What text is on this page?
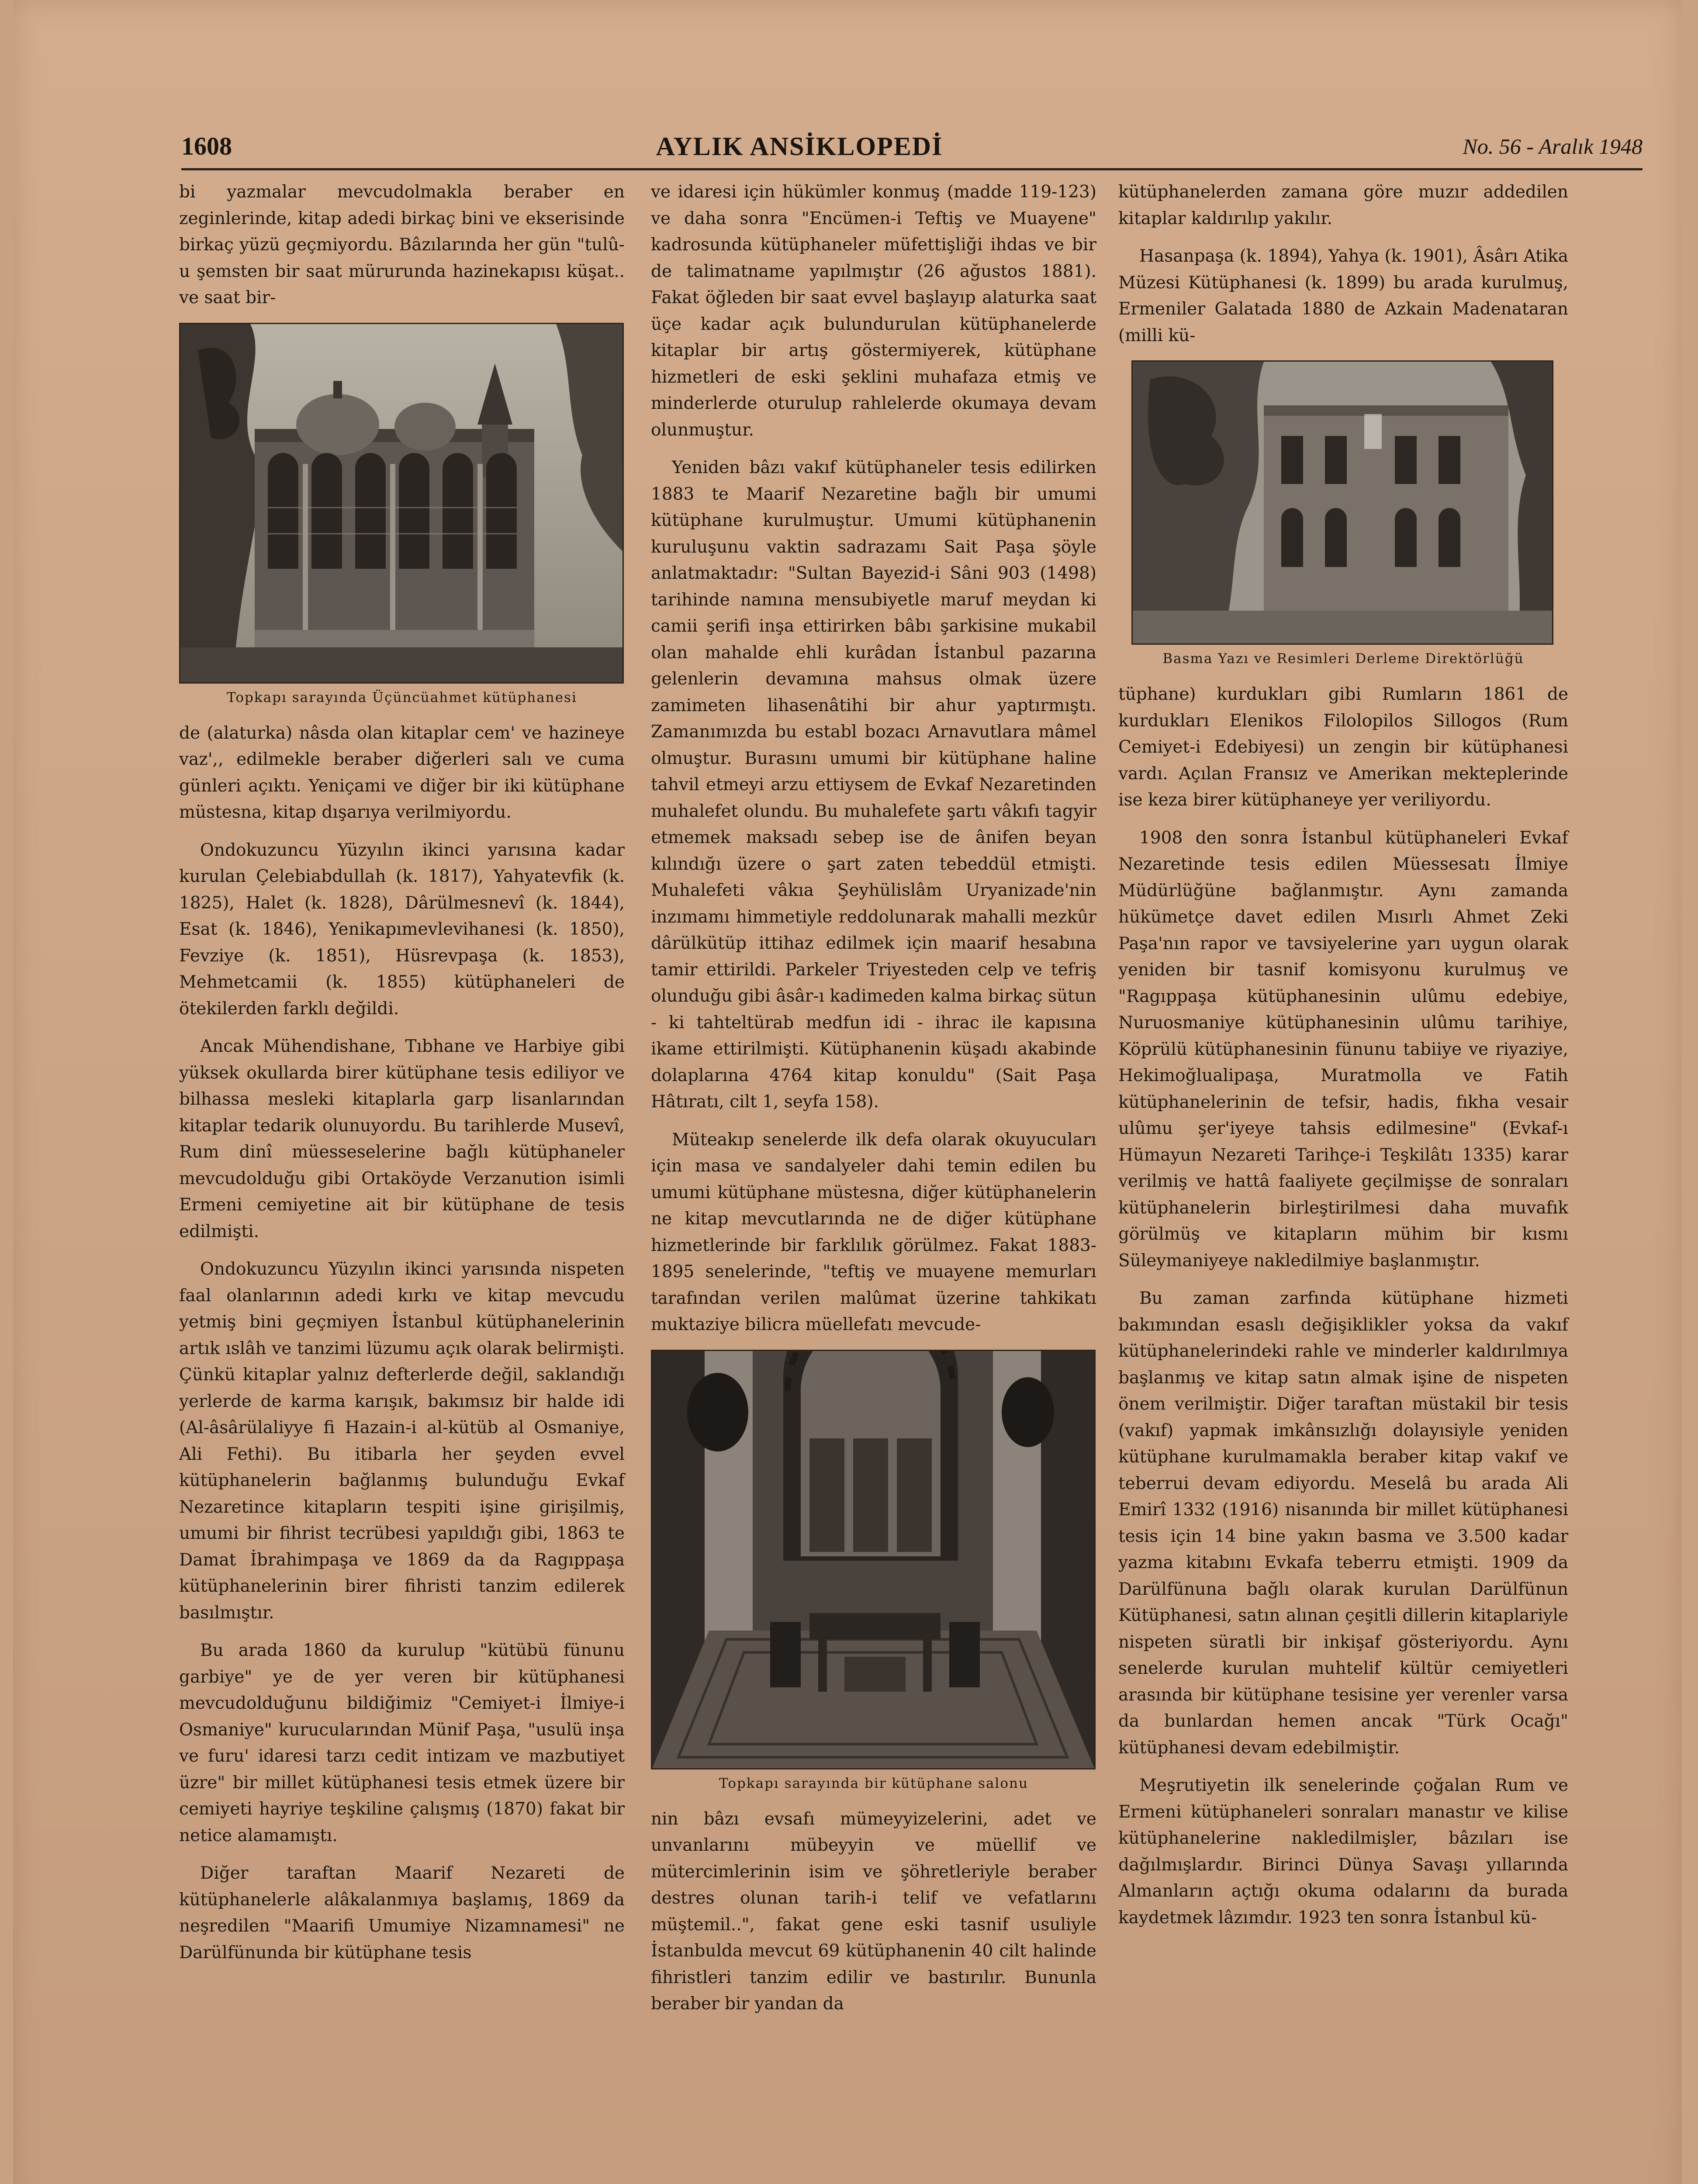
1608	AYLIK ANSİKLOPEDİ	No. 56 - Aralık 1948

bi yazmalar mevcudolmakla beraber en zeginlerinde, kitap adedi birkaç bini ve ekserisinde birkaç yüzü geçmiyordu. Bâzılarında her gün "tulû-u şemsten bir saat mürurunda hazinekapısı küşat.. ve saat bir-

Topkapı sarayında Üçüncüahmet kütüphanesi

de (alaturka) nâsda olan kitaplar cem' ve hazineye vaz',, edilmekle beraber diğerleri salı ve cuma günleri açıktı. Yeniçami ve diğer bir iki kütüphane müstesna, kitap dışarıya verilmiyordu.

Ondokuzuncu Yüzyılın ikinci yarısına kadar kurulan Çelebiabdullah (k. 1817), Yahyatevfik (k. 1825), Halet (k. 1828), Dârülmesnevî (k. 1844), Esat (k. 1846), Yenikapımevlevihanesi (k. 1850), Fevziye (k. 1851), Hüsrevpaşa (k. 1853), Mehmetcamii (k. 1855) kütüphaneleri de ötekilerden farklı değildi.

Ancak Mühendishane, Tıbhane ve Harbiye gibi yüksek okullarda birer kütüphane tesis ediliyor ve bilhassa mesleki kitaplarla garp lisanlarından kitaplar tedarik olunuyordu. Bu tarihlerde Musevî, Rum dinî müesseselerine bağlı kütüphaneler mevcudolduğu gibi Ortaköyde Verzanution isimli Ermeni cemiyetine ait bir kütüphane de tesis edilmişti.

Ondokuzuncu Yüzyılın ikinci yarısında nispeten faal olanlarının adedi kırkı ve kitap mevcudu yetmiş bini geçmiyen İstanbul kütüphanelerinin artık ıslâh ve tanzimi lüzumu açık olarak belirmişti. Çünkü kitaplar yalnız defterlerde değil, saklandığı yerlerde de karma karışık, bakımsız bir halde idi (Al-âsârülaliyye fi Hazain-i al-kütüb al Osmaniye, Ali Fethi). Bu itibarla her şeyden evvel kütüphanelerin bağlanmış bulunduğu Evkaf Nezaretince kitapların tespiti işine girişilmiş, umumi bir fihrist tecrübesi yapıldığı gibi, 1863 te Damat İbrahimpaşa ve 1869 da da Ragıppaşa kütüphanelerinin birer fihristi tanzim edilerek basılmıştır.

Bu arada 1860 da kurulup "kütübü fünunu garbiye" ye de yer veren bir kütüphanesi mevcudolduğunu bildiğimiz "Cemiyet-i İlmiye-i Osmaniye" kurucularından Münif Paşa, "usulü inşa ve furu' idaresi tarzı cedit intizam ve mazbutiyet üzre" bir millet kütüphanesi tesis etmek üzere bir cemiyeti hayriye teşkiline çalışmış (1870) fakat bir netice alamamıştı.

Diğer taraftan Maarif Nezareti de kütüphanelerle alâkalanmıya başlamış, 1869 da neşredilen "Maarifi Umumiye Nizamnamesi" ne Darülfünunda bir kütüphane tesis

ve idaresi için hükümler konmuş (madde 119-123) ve daha sonra "Encümen-i Teftiş ve Muayene" kadrosunda kütüphaneler müfettişliği ihdas ve bir de talimatname yapılmıştır (26 ağustos 1881). Fakat öğleden bir saat evvel başlayıp alaturka saat üçe kadar açık bulundurulan kütüphanelerde kitaplar bir artış göstermiyerek, kütüphane hizmetleri de eski şeklini muhafaza etmiş ve minderlerde oturulup rahlelerde okumaya devam olunmuştur.

Yeniden bâzı vakıf kütüphaneler tesis edilirken 1883 te Maarif Nezaretine bağlı bir umumi kütüphane kurulmuştur. Umumi kütüphanenin kuruluşunu vaktin sadrazamı Sait Paşa şöyle anlatmaktadır: "Sultan Bayezid-i Sâni 903 (1498) tarihinde namına mensubiyetle maruf meydan ki camii şerifi inşa ettirirken bâbı şarkisine mukabil olan mahalde ehli kurâdan İstanbul pazarına gelenlerin devamına mahsus olmak üzere zamimeten lihasenâtihi bir ahur yaptırmıştı. Zamanımızda bu establ bozacı Arnavutlara mâmel olmuştur. Burasını umumi bir kütüphane haline tahvil etmeyi arzu ettiysem de Evkaf Nezaretinden muhalefet olundu. Bu muhalefete şartı vâkıfı tagyir etmemek maksadı sebep ise de ânifen beyan kılındığı üzere o şart zaten tebeddül etmişti. Muhalefeti vâkıa Şeyhülislâm Uryanizade'nin inzımamı himmetiyle reddolunarak mahalli mezkûr dârülkütüp ittihaz edilmek için maarif hesabına tamir ettirildi. Parkeler Triyesteden celp ve tefriş olunduğu gibi âsâr-ı kadimeden kalma birkaç sütun - ki tahteltürab medfun idi - ihrac ile kapısına ikame ettirilmişti. Kütüphanenin küşadı akabinde dolaplarına 4764 kitap konuldu" (Sait Paşa Hâtıratı, cilt 1, seyfa 158).

Müteakıp senelerde ilk defa olarak okuyucuları için masa ve sandalyeler dahi temin edilen bu umumi kütüphane müstesna, diğer kütüphanelerin ne kitap mevcutlarında ne de diğer kütüphane hizmetlerinde bir farklılık görülmez. Fakat 1883-1895 senelerinde, "teftiş ve muayene memurları tarafından verilen malûmat üzerine tahkikatı muktaziye bilicra müellefatı mevcude-

Topkapı sarayında bir kütüphane salonu

nin bâzı evsafı mümeyyizelerini, adet ve unvanlarını mübeyyin ve müellif ve mütercimlerinin isim ve şöhretleriyle beraber destres olunan tarih-i telif ve vefatlarını müştemil..", fakat gene eski tasnif usuliyle İstanbulda mevcut 69 kütüphanenin 40 cilt halinde fihristleri tanzim edilir ve bastırılır. Bununla beraber bir yandan da

kütüphanelerden zamana göre muzır addedilen kitaplar kaldırılıp yakılır.

Hasanpaşa (k. 1894), Yahya (k. 1901), Âsârı Atika Müzesi Kütüphanesi (k. 1899) bu arada kurulmuş, Ermeniler Galatada 1880 de Azkain Madenataran (milli kü-

Basma Yazı ve Resimleri Derleme Direktörlüğü

tüphane) kurdukları gibi Rumların 1861 de kurdukları Elenikos Filolopilos Sillogos (Rum Cemiyet-i Edebiyesi) un zengin bir kütüphanesi vardı. Açılan Fransız ve Amerikan mekteplerinde ise keza birer kütüphaneye yer veriliyordu.

1908 den sonra İstanbul kütüphaneleri Evkaf Nezaretinde tesis edilen Müessesatı İlmiye Müdürlüğüne bağlanmıştır. Aynı zamanda hükümetçe davet edilen Mısırlı Ahmet Zeki Paşa'nın rapor ve tavsiyelerine yarı uygun olarak yeniden bir tasnif komisyonu kurulmuş ve "Ragıppaşa kütüphanesinin ulûmu edebiye, Nuruosmaniye kütüphanesinin ulûmu tarihiye, Köprülü kütüphanesinin fünunu tabiiye ve riyaziye, Hekimoğlualipaşa, Muratmolla ve Fatih kütüphanelerinin de tefsir, hadis, fıkha vesair ulûmu şer'iyeye tahsis edilmesine" (Evkaf-ı Hümayun Nezareti Tarihçe-i Teşkilâtı 1335) karar verilmiş ve hattâ faaliyete geçilmişse de sonraları kütüphanelerin birleştirilmesi daha muvafık görülmüş ve kitapların mühim bir kısmı Süleymaniyeye nakledilmiye başlanmıştır.

Bu zaman zarfında kütüphane hizmeti bakımından esaslı değişiklikler yoksa da vakıf kütüphanelerindeki rahle ve minderler kaldırılmıya başlanmış ve kitap satın almak işine de nispeten önem verilmiştir. Diğer taraftan müstakil bir tesis (vakıf) yapmak imkânsızlığı dolayısiyle yeniden kütüphane kurulmamakla beraber kitap vakıf ve teberrui devam ediyordu. Meselâ bu arada Ali Emirî 1332 (1916) nisanında bir millet kütüphanesi tesis için 14 bine yakın basma ve 3.500 kadar yazma kitabını Evkafa teberru etmişti. 1909 da Darülfünuna bağlı olarak kurulan Darülfünun Kütüphanesi, satın alınan çeşitli dillerin kitaplariyle nispeten süratli bir inkişaf gösteriyordu. Aynı senelerde kurulan muhtelif kültür cemiyetleri arasında bir kütüphane tesisine yer verenler varsa da bunlardan hemen ancak "Türk Ocağı" kütüphanesi devam edebilmiştir.

Meşrutiyetin ilk senelerinde çoğalan Rum ve Ermeni kütüphaneleri sonraları manastır ve kilise kütüphanelerine nakledilmişler, bâzıları ise dağılmışlardır. Birinci Dünya Savaşı yıllarında Almanların açtığı okuma odalarını da burada kaydetmek lâzımdır. 1923 ten sonra İstanbul kü-
